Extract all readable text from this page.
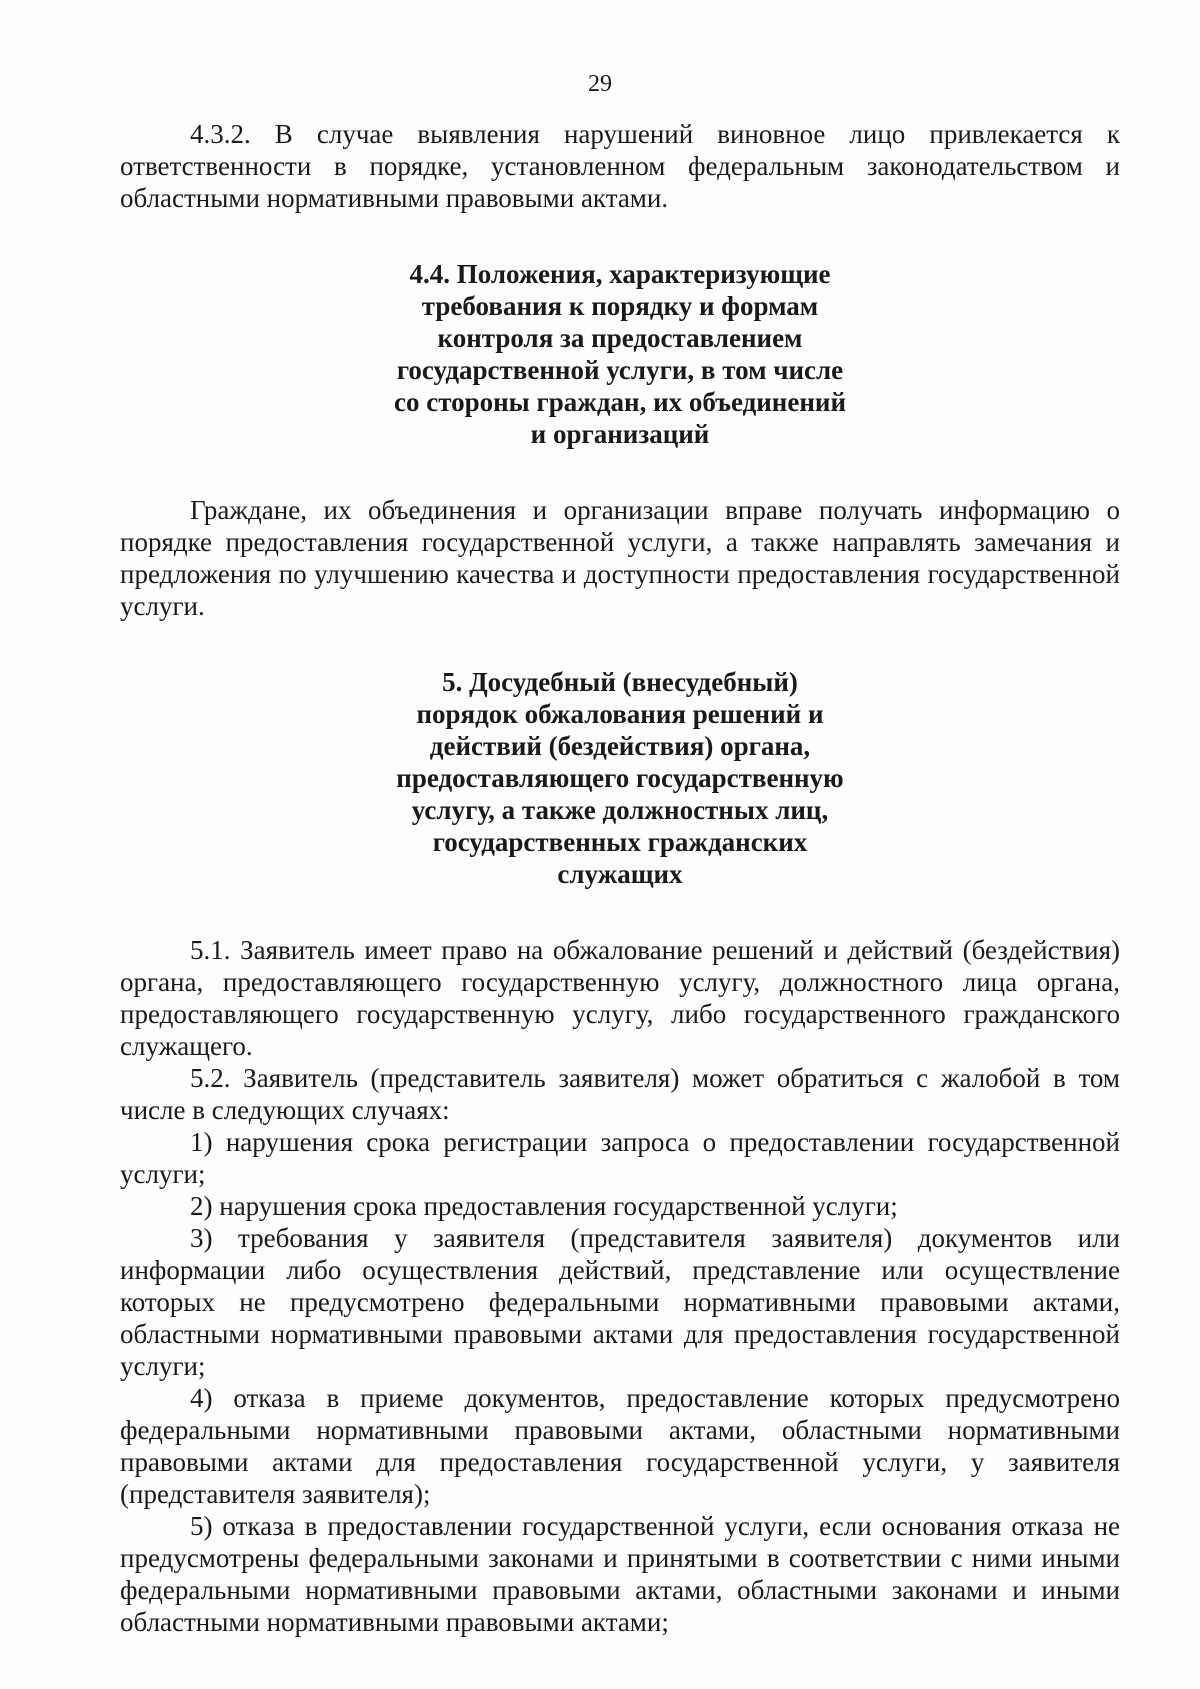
29

4.3.2. В случае выявления нарушений виновное лицо привлекается к ответственности в порядке, установленном федеральным законодательством и областными нормативными правовыми актами.

4.4. Положения, характеризующие
требования к порядку и формам
контроля за предоставлением
государственной услуги, в том числе
со стороны граждан, их объединений
и организаций

Граждане, их объединения и организации вправе получать информацию о порядке предоставления государственной услуги, а также направлять замечания и предложения по улучшению качества и доступности предоставления государственной услуги.

5. Досудебный (внесудебный)
порядок обжалования решений и
действий (бездействия) органа,
предоставляющего государственную
услугу, а также должностных лиц,
государственных гражданских
служащих

5.1. Заявитель имеет право на обжалование решений и действий (бездействия) органа, предоставляющего государственную услугу, должностного лица органа, предоставляющего государственную услугу, либо государственного гражданского служащего.

5.2. Заявитель (представитель заявителя) может обратиться с жалобой в том числе в следующих случаях:

1) нарушения срока регистрации запроса о предоставлении государственной услуги;

2) нарушения срока предоставления государственной услуги;

3) требования у заявителя (представителя заявителя) документов или информации либо осуществления действий, представление или осуществление которых не предусмотрено федеральными нормативными правовыми актами, областными нормативными правовыми актами для предоставления государственной услуги;

4) отказа в приеме документов, предоставление которых предусмотрено федеральными нормативными правовыми актами, областными нормативными правовыми актами для предоставления государственной услуги, у заявителя (представителя заявителя);

5) отказа в предоставлении государственной услуги, если основания отказа не предусмотрены федеральными законами и принятыми в соответствии с ними иными федеральными нормативными правовыми актами, областными законами и иными областными нормативными правовыми актами;
